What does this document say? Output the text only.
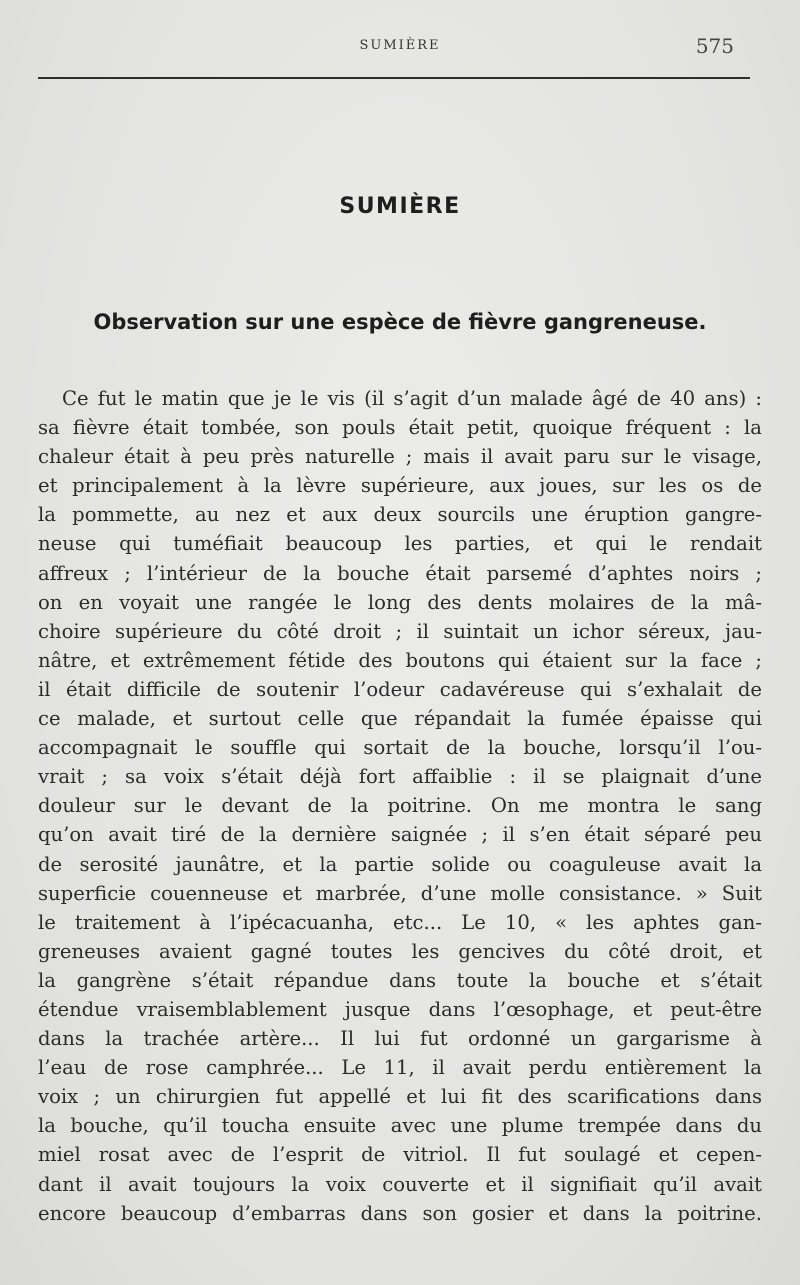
SUMIÈRE	575
SUMIÈRE
Observation sur une espèce de fièvre gangreneuse.
Ce fut le matin que je le vis (il s’agit d’un malade âgé de 40 ans) :
sa fièvre était tombée, son pouls était petit, quoique fréquent : la
chaleur était à peu près naturelle ; mais il avait paru sur le visage,
et principalement à la lèvre supérieure, aux joues, sur les os de
la pommette, au nez et aux deux sourcils une éruption gangre-
neuse qui tuméfiait beaucoup les parties, et qui le rendait
affreux ; l’intérieur de la bouche était parsemé d’aphtes noirs ;
on en voyait une rangée le long des dents molaires de la mâ-
choire supérieure du côté droit ; il suintait un ichor séreux, jau-
nâtre, et extrêmement fétide des boutons qui étaient sur la face ;
il était difficile de soutenir l’odeur cadavéreuse qui s’exhalait de
ce malade, et surtout celle que répandait la fumée épaisse qui
accompagnait le souffle qui sortait de la bouche, lorsqu’il l’ou-
vrait ; sa voix s’était déjà fort affaiblie : il se plaignait d’une
douleur sur le devant de la poitrine. On me montra le sang
qu’on avait tiré de la dernière saignée ; il s’en était séparé peu
de serosité jaunâtre, et la partie solide ou coaguleuse avait la
superficie couenneuse et marbrée, d’une molle consistance. » Suit
le traitement à l’ipécacuanha, etc... Le 10, « les aphtes gan-
greneuses avaient gagné toutes les gencives du côté droit, et
la gangrène s’était répandue dans toute la bouche et s’était
étendue vraisemblablement jusque dans l’œsophage, et peut-être
dans la trachée artère... Il lui fut ordonné un gargarisme à
l’eau de rose camphrée... Le 11, il avait perdu entièrement la
voix ; un chirurgien fut appellé et lui fit des scarifications dans
la bouche, qu’il toucha ensuite avec une plume trempée dans du
miel rosat avec de l’esprit de vitriol. Il fut soulagé et cepen-
dant il avait toujours la voix couverte et il signifiait qu’il avait
encore beaucoup d’embarras dans son gosier et dans la poitrine.
